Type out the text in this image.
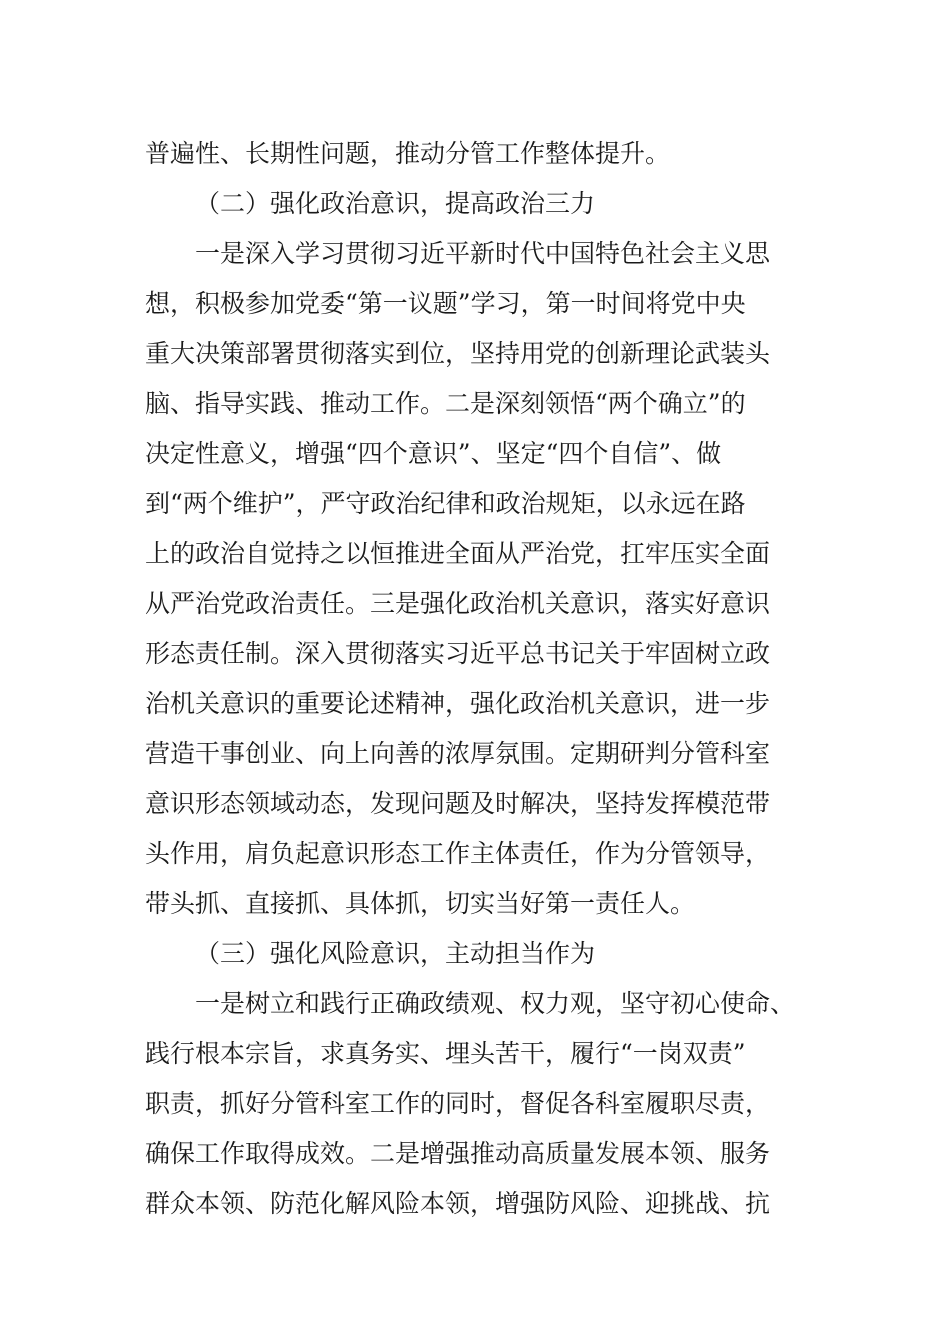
普遍性、长期性问题，推动分管工作整体提升。
（二）强化政治意识，提高政治三力
一是深入学习贯彻习近平新时代中国特色社会主义思
想，积极参加党委“第一议题”学习，第一时间将党中央
重大决策部署贯彻落实到位，坚持用党的创新理论武装头
脑、指导实践、推动工作。二是深刻领悟“两个确立”的
决定性意义，增强“四个意识”、坚定“四个自信”、做
到“两个维护”，严守政治纪律和政治规矩，以永远在路
上的政治自觉持之以恒推进全面从严治党，扛牢压实全面
从严治党政治责任。三是强化政治机关意识，落实好意识
形态责任制。深入贯彻落实习近平总书记关于牢固树立政
治机关意识的重要论述精神，强化政治机关意识，进一步
营造干事创业、向上向善的浓厚氛围。定期研判分管科室
意识形态领域动态，发现问题及时解决，坚持发挥模范带
头作用，肩负起意识形态工作主体责任，作为分管领导，
带头抓、直接抓、具体抓，切实当好第一责任人。
（三）强化风险意识，主动担当作为
一是树立和践行正确政绩观、权力观，坚守初心使命、
践行根本宗旨，求真务实、埋头苦干，履行“一岗双责”
职责，抓好分管科室工作的同时，督促各科室履职尽责，
确保工作取得成效。二是增强推动高质量发展本领、服务
群众本领、防范化解风险本领，增强防风险、迎挑战、抗
